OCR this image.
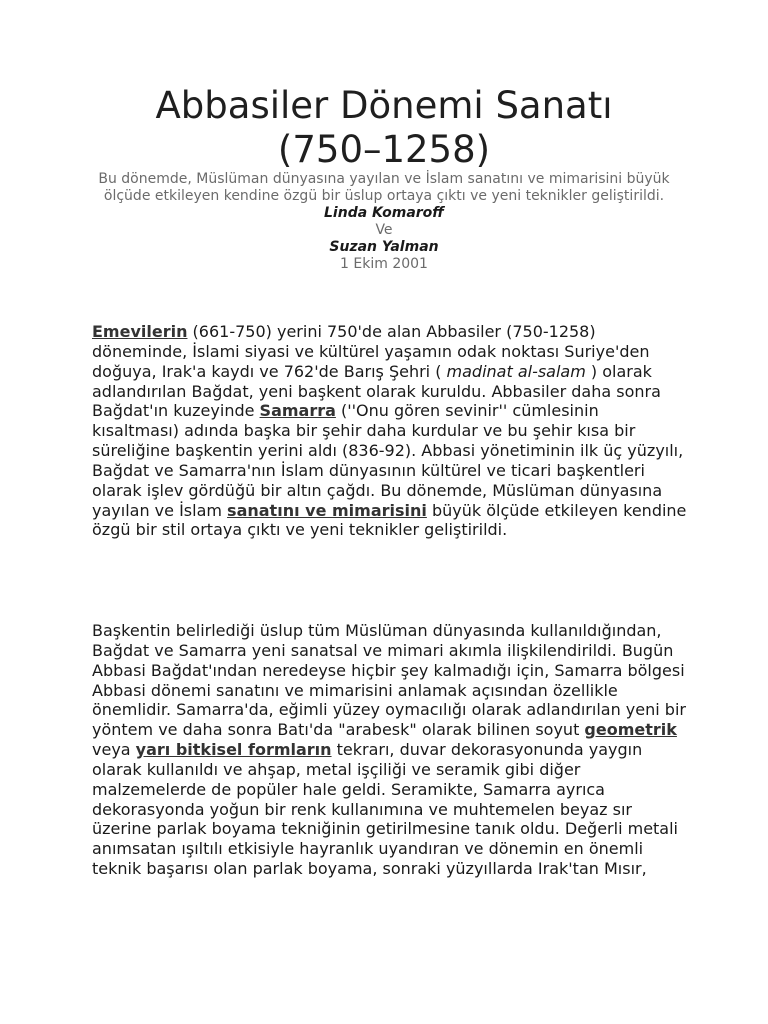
Abbasiler Dönemi Sanatı
(750–1258)

Bu dönemde, Müslüman dünyasına yayılan ve İslam sanatını ve mimarisini büyük ölçüde etkileyen kendine özgü bir üslup ortaya çıktı ve yeni teknikler geliştirildi.

Linda Komaroff

Ve

Suzan Yalman

1 Ekim 2001

Emevilerin (661-750) yerini 750'de alan Abbasiler (750-1258) döneminde, İslami siyasi ve kültürel yaşamın odak noktası Suriye'den doğuya, Irak'a kaydı ve 762'de Barış Şehri ( madinat al-salam ) olarak adlandırılan Bağdat, yeni başkent olarak kuruldu. Abbasiler daha sonra Bağdat'ın kuzeyinde Samarra (''Onu gören sevinir'' cümlesinin kısaltması) adında başka bir şehir daha kurdular ve bu şehir kısa bir süreliğine başkentin yerini aldı (836-92). Abbasi yönetiminin ilk üç yüzyılı, Bağdat ve Samarra'nın İslam dünyasının kültürel ve ticari başkentleri olarak işlev gördüğü bir altın çağdı. Bu dönemde, Müslüman dünyasına yayılan ve İslam sanatını ve mimarisini büyük ölçüde etkileyen kendine özgü bir stil ortaya çıktı ve yeni teknikler geliştirildi.

Başkentin belirlediği üslup tüm Müslüman dünyasında kullanıldığından, Bağdat ve Samarra yeni sanatsal ve mimari akımla ilişkilendirildi. Bugün Abbasi Bağdat'ından neredeyse hiçbir şey kalmadığı için, Samarra bölgesi Abbasi dönemi sanatını ve mimarisini anlamak açısından özellikle önemlidir. Samarra'da, eğimli yüzey oymacılığı olarak adlandırılan yeni bir yöntem ve daha sonra Batı'da "arabesk" olarak bilinen soyut geometrik veya yarı bitkisel formların tekrarı, duvar dekorasyonunda yaygın olarak kullanıldı ve ahşap, metal işçiliği ve seramik gibi diğer malzemelerde de popüler hale geldi. Seramikte, Samarra ayrıca dekorasyonda yoğun bir renk kullanımına ve muhtemelen beyaz sır üzerine parlak boyama tekniğinin getirilmesine tanık oldu. Değerli metali anımsatan ışıltılı etkisiyle hayranlık uyandıran ve dönemin en önemli teknik başarısı olan parlak boyama, sonraki yüzyıllarda Irak'tan Mısır,
